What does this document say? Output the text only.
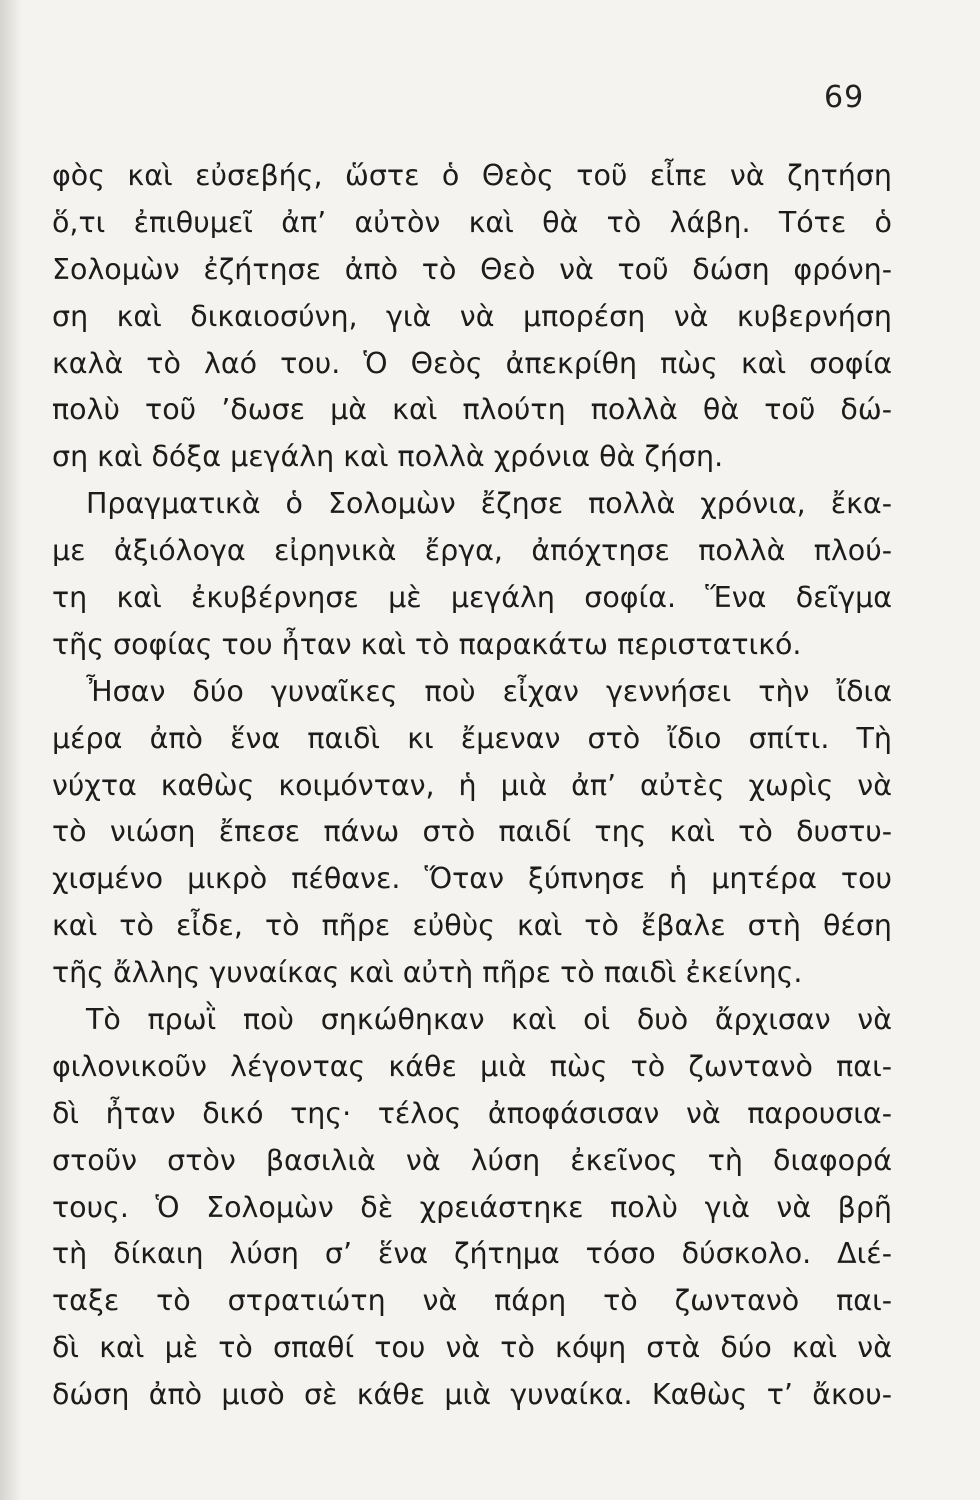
69
φὸς καὶ εὐσεβής, ὥστε ὁ Θεὸς τοῦ εἶπε νὰ ζητήση
ὅ,τι ἐπιθυμεῖ ἀπ’ αὐτὸν καὶ θὰ τὸ λάβη. Τότε ὁ
Σολομὼν ἐζήτησε ἀπὸ τὸ Θεὸ νὰ τοῦ δώση φρόνη-
ση καὶ δικαιοσύνη, γιὰ νὰ μπορέση νὰ κυβερνήση
καλὰ τὸ λαό του. Ὁ Θεὸς ἀπεκρίθη πὼς καὶ σοφία
πολὺ τοῦ ’δωσε μὰ καὶ πλούτη πολλὰ θὰ τοῦ δώ-
ση καὶ δόξα μεγάλη καὶ πολλὰ χρόνια θὰ ζήση.
Πραγματικὰ ὁ Σολομὼν ἔζησε πολλὰ χρόνια, ἔκα-
με ἀξιόλογα εἰρηνικὰ ἔργα, ἀπόχτησε πολλὰ πλού-
τη καὶ ἐκυβέρνησε μὲ μεγάλη σοφία. Ἕνα δεῖγμα
τῆς σοφίας του ἦταν καὶ τὸ παρακάτω περιστατικό.
Ἦσαν δύο γυναῖκες ποὺ εἶχαν γεννήσει τὴν ἴδια
μέρα ἀπὸ ἕνα παιδὶ κι ἔμεναν στὸ ἴδιο σπίτι. Τὴ
νύχτα καθὼς κοιμόνταν, ἡ μιὰ ἀπ’ αὐτὲς χωρὶς νὰ
τὸ νιώση ἔπεσε πάνω στὸ παιδί της καὶ τὸ δυστυ-
χισμένο μικρὸ πέθανε. Ὅταν ξύπνησε ἡ μητέρα του
καὶ τὸ εἶδε, τὸ πῆρε εὐθὺς καὶ τὸ ἔβαλε στὴ θέση
τῆς ἄλλης γυναίκας καὶ αὐτὴ πῆρε τὸ παιδὶ ἐκείνης.
Τὸ πρωῒ ποὺ σηκώθηκαν καὶ οἱ δυὸ ἄρχισαν νὰ
φιλονικοῦν λέγοντας κάθε μιὰ πὼς τὸ ζωντανὸ παι-
δὶ ἦταν δικό της· τέλος ἀποφάσισαν νὰ παρουσια-
στοῦν στὸν βασιλιὰ νὰ λύση ἐκεῖνος τὴ διαφορά
τους. Ὁ Σολομὼν δὲ χρειάστηκε πολὺ γιὰ νὰ βρῆ
τὴ δίκαιη λύση σ’ ἕνα ζήτημα τόσο δύσκολο. Διέ-
ταξε τὸ στρατιώτη νὰ πάρη τὸ ζωντανὸ παι-
δὶ καὶ μὲ τὸ σπαθί του νὰ τὸ κόψη στὰ δύο καὶ νὰ
δώση ἀπὸ μισὸ σὲ κάθε μιὰ γυναίκα. Καθὼς τ’ ἄκου-
